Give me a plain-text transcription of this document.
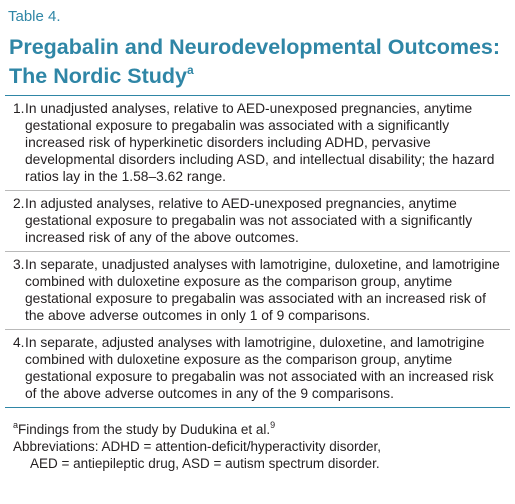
Table 4.
Pregabalin and Neurodevelopmental Outcomes:
The Nordic Study$^a$
1. In unadjusted analyses, relative to AED-unexposed pregnancies, anytime gestational exposure to pregabalin was associated with a significantly increased risk of hyperkinetic disorders including ADHD, pervasive developmental disorders including ASD, and intellectual disability; the hazard ratios lay in the 1.58–3.62 range.
2. In adjusted analyses, relative to AED-unexposed pregnancies, anytime gestational exposure to pregabalin was not associated with a significantly increased risk of any of the above outcomes.
3. In separate, unadjusted analyses with lamotrigine, duloxetine, and lamotrigine combined with duloxetine exposure as the comparison group, anytime gestational exposure to pregabalin was associated with an increased risk of the above adverse outcomes in only 1 of 9 comparisons.
4. In separate, adjusted analyses with lamotrigine, duloxetine, and lamotrigine combined with duloxetine exposure as the comparison group, anytime gestational exposure to pregabalin was not associated with an increased risk of the above adverse outcomes in any of the 9 comparisons.
$^a$Findings from the study by Dudukina et al.$^9$
Abbreviations: ADHD = attention-deficit/hyperactivity disorder,
AED = antiepileptic drug, ASD = autism spectrum disorder.
